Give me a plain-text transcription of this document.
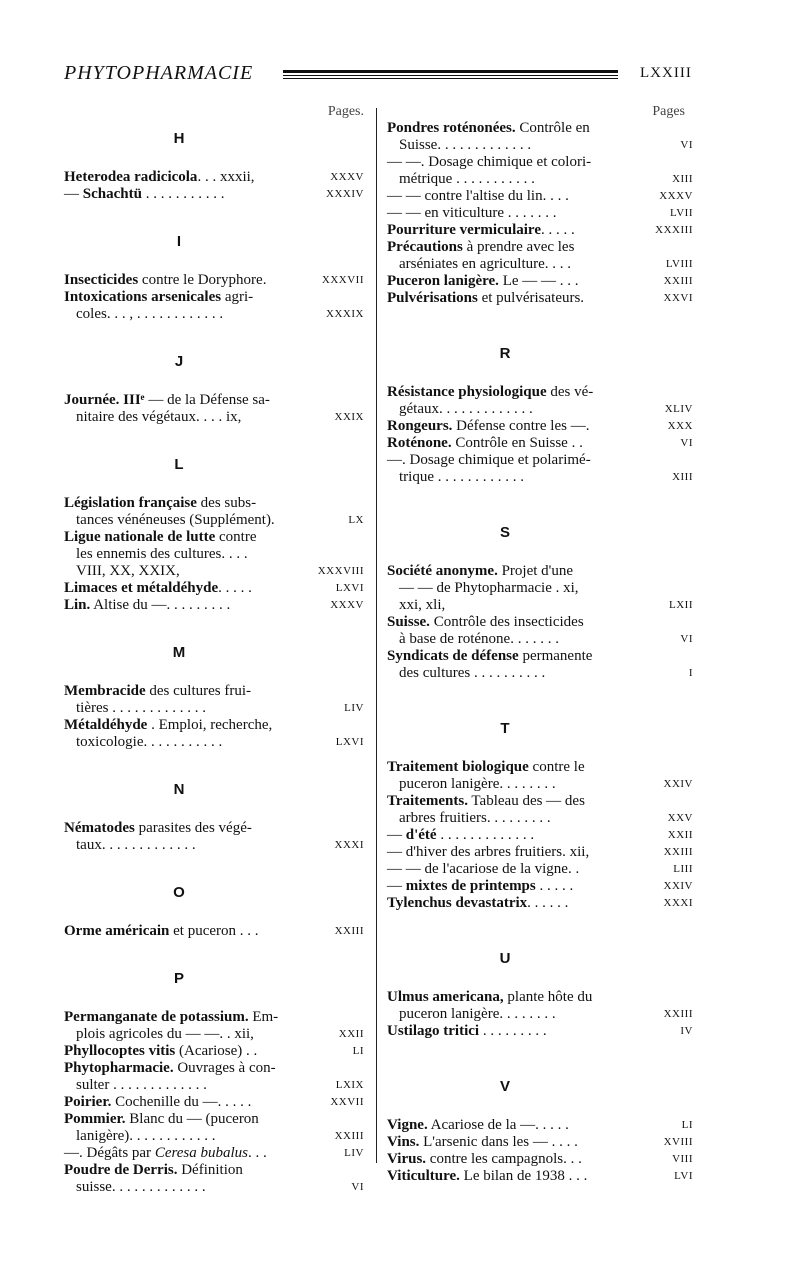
PHYTOPHARMACIE	LXXIII
Pages.
H
Heterodea radicicola. . . xxxii,	XXXV
— Schachtü . . . . . . . . . . .	XXXIV
I
Insecticides contre le Doryphore.	XXXVII
Intoxications arsenicales agri-
coles. . . , . . . . . . . . . . . .	XXXIX
J
Journée. IIIᵉ — de la Défense sa-
nitaire des végétaux. . . . ix,	XXIX
L
Législation française des subs-
tances vénéneuses (Supplément).	LX
Ligue nationale de lutte contre
les ennemis des cultures. . . .
VIII, XX, XXIX,	XXXVIII
Limaces et métaldéhyde. . . . .	LXVI
Lin. Altise du —. . . . . . . . .	XXXV
M
Membracide des cultures frui-
tières . . . . . . . . . . . . .	LIV
Métaldéhyde . Emploi, recherche,
toxicologie. . . . . . . . . . .	LXVI
N
Nématodes parasites des végé-
taux. . . . . . . . . . . . .	XXXI
O
Orme américain et puceron . . .	XXIII
P
Permanganate de potassium. Em-
plois agricoles du — —. . xii,	XXII
Phyllocoptes vitis (Acariose) . .	LI
Phytopharmacie. Ouvrages à con-
sulter . . . . . . . . . . . . .	LXIX
Poirier. Cochenille du —. . . . .	XXVII
Pommier. Blanc du — (puceron
lanigère). . . . . . . . . . . .	XXIII
—. Dégâts par Ceresa bubalus. . .	LIV
Poudre de Derris. Définition
suisse. . . . . . . . . . . . .	VI
Pages
Pondres roténonées. Contrôle en
Suisse. . . . . . . . . . . . .	VI
— —. Dosage chimique et colori-
métrique . . . . . . . . . . .	XIII
— — contre l'altise du lin. . . .	XXXV
— — en viticulture . . . . . . .	LVII
Pourriture vermiculaire. . . . .	XXXIII
Précautions à prendre avec les
arséniates en agriculture. . . .	LVIII
Puceron lanigère. Le — — . . .	XXIII
Pulvérisations et pulvérisateurs.	XXVI
R
Résistance physiologique des vé-
gétaux. . . . . . . . . . . . .	XLIV
Rongeurs. Défense contre les —.	XXX
Roténone. Contrôle en Suisse . .	VI
—. Dosage chimique et polarimé-
trique . . . . . . . . . . . .	XIII
S
Société anonyme. Projet d'une
— — de Phytopharmacie . xi,
xxi, xli,	LXII
Suisse. Contrôle des insecticides
à base de roténone. . . . . . .	VI
Syndicats de défense permanente
des cultures . . . . . . . . . .	I
T
Traitement biologique contre le
puceron lanigère. . . . . . . .	XXIV
Traitements. Tableau des — des
arbres fruitiers. . . . . . . . .	XXV
— d'été . . . . . . . . . . . . .	XXII
— d'hiver des arbres fruitiers. xii,	XXIII
— — de l'acariose de la vigne. .	LIII
— mixtes de printemps . . . . .	XXIV
Tylenchus devastatrix. . . . . .	XXXI
U
Ulmus americana, plante hôte du
puceron lanigère. . . . . . . .	XXIII
Ustilago tritici . . . . . . . . .	IV
V
Vigne. Acariose de la —. . . . .	LI
Vins. L'arsenic dans les — . . . .	XVIII
Virus. contre les campagnols. . .	VIII
Viticulture. Le bilan de 1938 . . .	LVI
